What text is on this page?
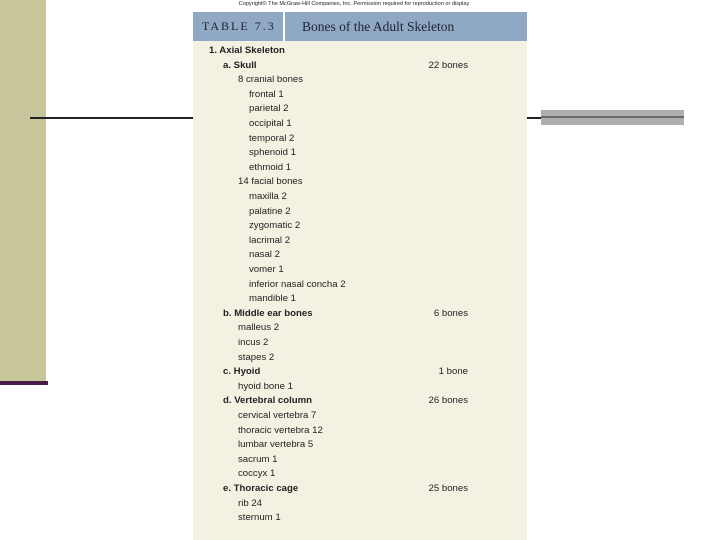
Copyright© The McGraw-Hill Companies, Inc. Permission required for reproduction or display

TABLE 7.3	Bones of the Adult Skeleton
1. Axial Skeleton
a. Skull	22 bones
8 cranial bones
frontal 1
parietal 2
occipital 1
temporal 2
sphenoid 1
ethmoid 1
14 facial bones
maxilla 2
palatine 2
zygomatic 2
lacrimal 2
nasal 2
vomer 1
inferior nasal concha 2
mandible 1
b. Middle ear bones	6 bones
malleus 2
incus 2
stapes 2
c. Hyoid	1 bone
hyoid bone 1
d. Vertebral column	26 bones
cervical vertebra 7
thoracic vertebra 12
lumbar vertebra 5
sacrum 1
coccyx 1
e. Thoracic cage	25 bones
rib 24
sternum 1
